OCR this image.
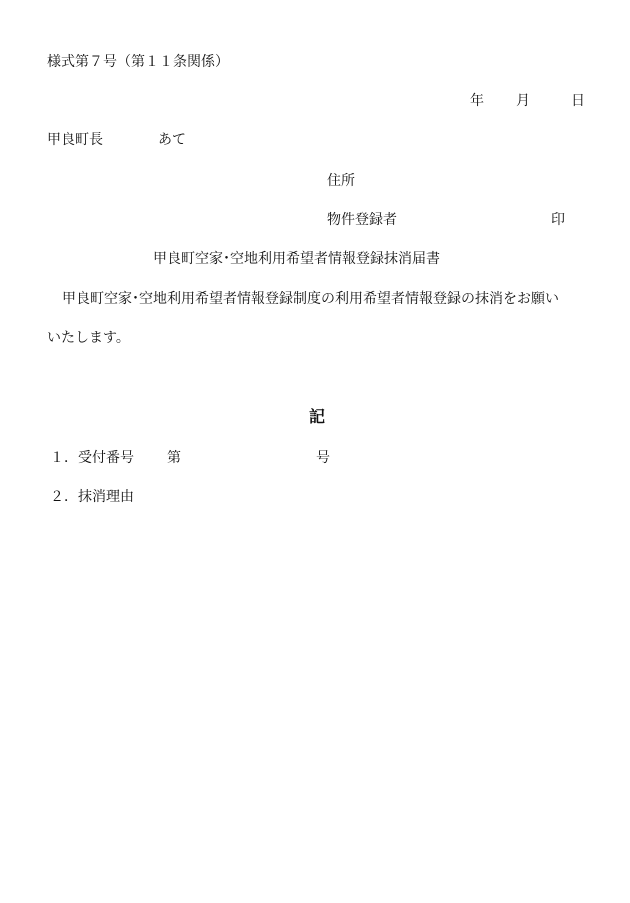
様式第７号（第１１条関係）
年 月	日
甲良町長	あて
住所
物件登録者	印
甲良町空家･空地利用希望者情報登録抹消届書
甲良町空家･空地利用希望者情報登録制度の利用希望者情報登録の抹消をお願い
いたします。
記
１．受付番号 第	号
２．抹消理由
